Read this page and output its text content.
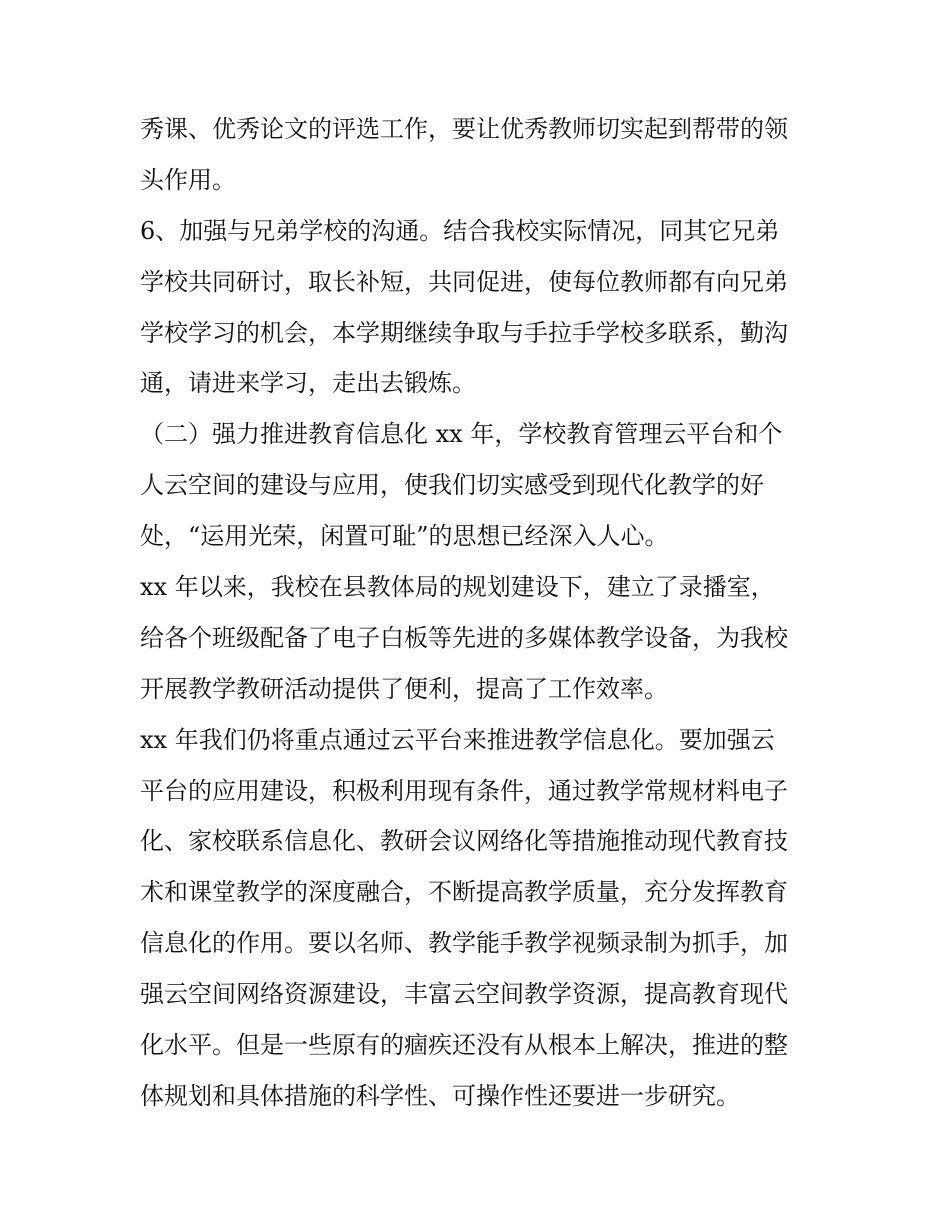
秀课、优秀论文的评选工作，要让优秀教师切实起到帮带的领
头作用。
6、加强与兄弟学校的沟通。结合我校实际情况，同其它兄弟
学校共同研讨，取长补短，共同促进，使每位教师都有向兄弟
学校学习的机会，本学期继续争取与手拉手学校多联系，勤沟
通，请进来学习，走出去锻炼。
（二）强力推进教育信息化 xx 年，学校教育管理云平台和个
人云空间的建设与应用，使我们切实感受到现代化教学的好
处，“运用光荣，闲置可耻”的思想已经深入人心。
xx 年以来，我校在县教体局的规划建设下，建立了录播室，
给各个班级配备了电子白板等先进的多媒体教学设备，为我校
开展教学教研活动提供了便利，提高了工作效率。
xx 年我们仍将重点通过云平台来推进教学信息化。要加强云
平台的应用建设，积极利用现有条件，通过教学常规材料电子
化、家校联系信息化、教研会议网络化等措施推动现代教育技
术和课堂教学的深度融合，不断提高教学质量，充分发挥教育
信息化的作用。要以名师、教学能手教学视频录制为抓手，加
强云空间网络资源建设，丰富云空间教学资源，提高教育现代
化水平。但是一些原有的痼疾还没有从根本上解决，推进的整
体规划和具体措施的科学性、可操作性还要进一步研究。
